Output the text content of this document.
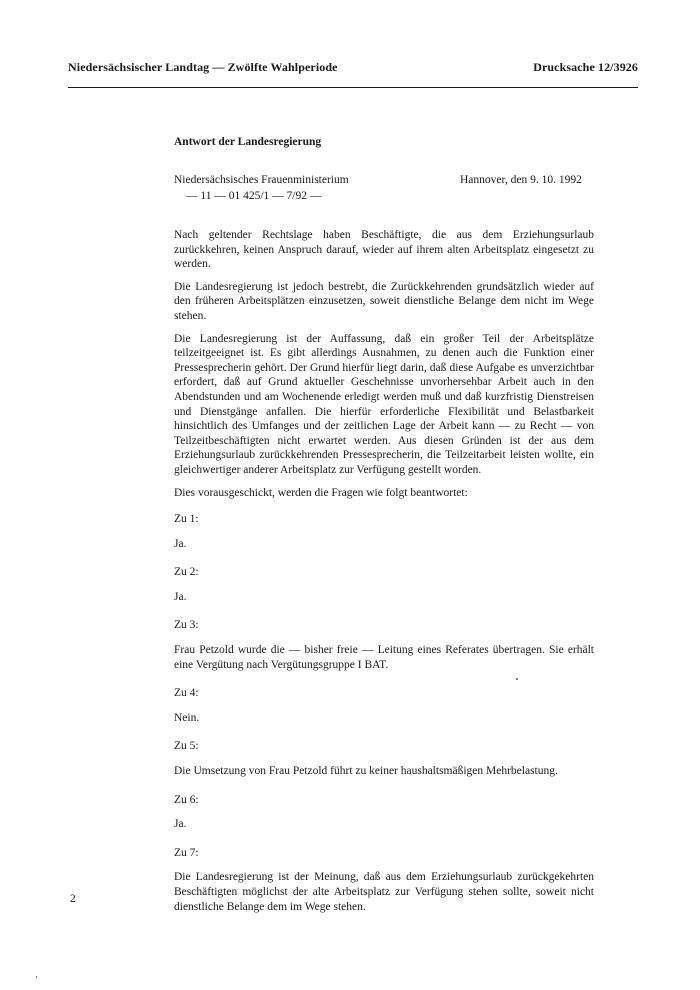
Niedersächsischer Landtag — Zwölfte Wahlperiode	Drucksache 12/3926
Antwort der Landesregierung
Niedersächsisches Frauenministerium
— 11 — 01 425/1 — 7/92 —
Hannover, den 9. 10. 1992

Nach geltender Rechtslage haben Beschäftigte, die aus dem Erziehungsurlaub zurückkehren, keinen Anspruch darauf, wieder auf ihrem alten Arbeitsplatz eingesetzt zu werden.

Die Landesregierung ist jedoch bestrebt, die Zurückkehrenden grundsätzlich wieder auf den früheren Arbeitsplätzen einzusetzen, soweit dienstliche Belange dem nicht im Wege stehen.

Die Landesregierung ist der Auffassung, daß ein großer Teil der Arbeitsplätze teilzeitgeeignet ist. Es gibt allerdings Ausnahmen, zu denen auch die Funktion einer Pressesprecherin gehört. Der Grund hierfür liegt darin, daß diese Aufgabe es unverzichtbar erfordert, daß auf Grund aktueller Geschehnisse unvorhersehbar Arbeit auch in den Abendstunden und am Wochenende erledigt werden muß und daß kurzfristig Dienstreisen und Dienstgänge anfallen. Die hierfür erforderliche Flexibilität und Belastbarkeit hinsichtlich des Umfanges und der zeitlichen Lage der Arbeit kann — zu Recht — von Teilzeitbeschäftigten nicht erwartet werden. Aus diesen Gründen ist der aus dem Erziehungsurlaub zurückkehrenden Pressesprecherin, die Teilzeitarbeit leisten wollte, ein gleichwertiger anderer Arbeitsplatz zur Verfügung gestellt worden.

Dies vorausgeschickt, werden die Fragen wie folgt beantwortet:

Zu 1:

Ja.

Zu 2:

Ja.

Zu 3:

Frau Petzold wurde die — bisher freie — Leitung eines Referates übertragen. Sie erhält eine Vergütung nach Vergütungsgruppe I BAT.

Zu 4:

Nein.

Zu 5:

Die Umsetzung von Frau Petzold führt zu keiner haushaltsmäßigen Mehrbelastung.

Zu 6:

Ja.

Zu 7:

Die Landesregierung ist der Meinung, daß aus dem Erziehungsurlaub zurückgekehrten Beschäftigten möglichst der alte Arbeitsplatz zur Verfügung stehen sollte, soweit nicht dienstliche Belange dem im Wege stehen.

2
